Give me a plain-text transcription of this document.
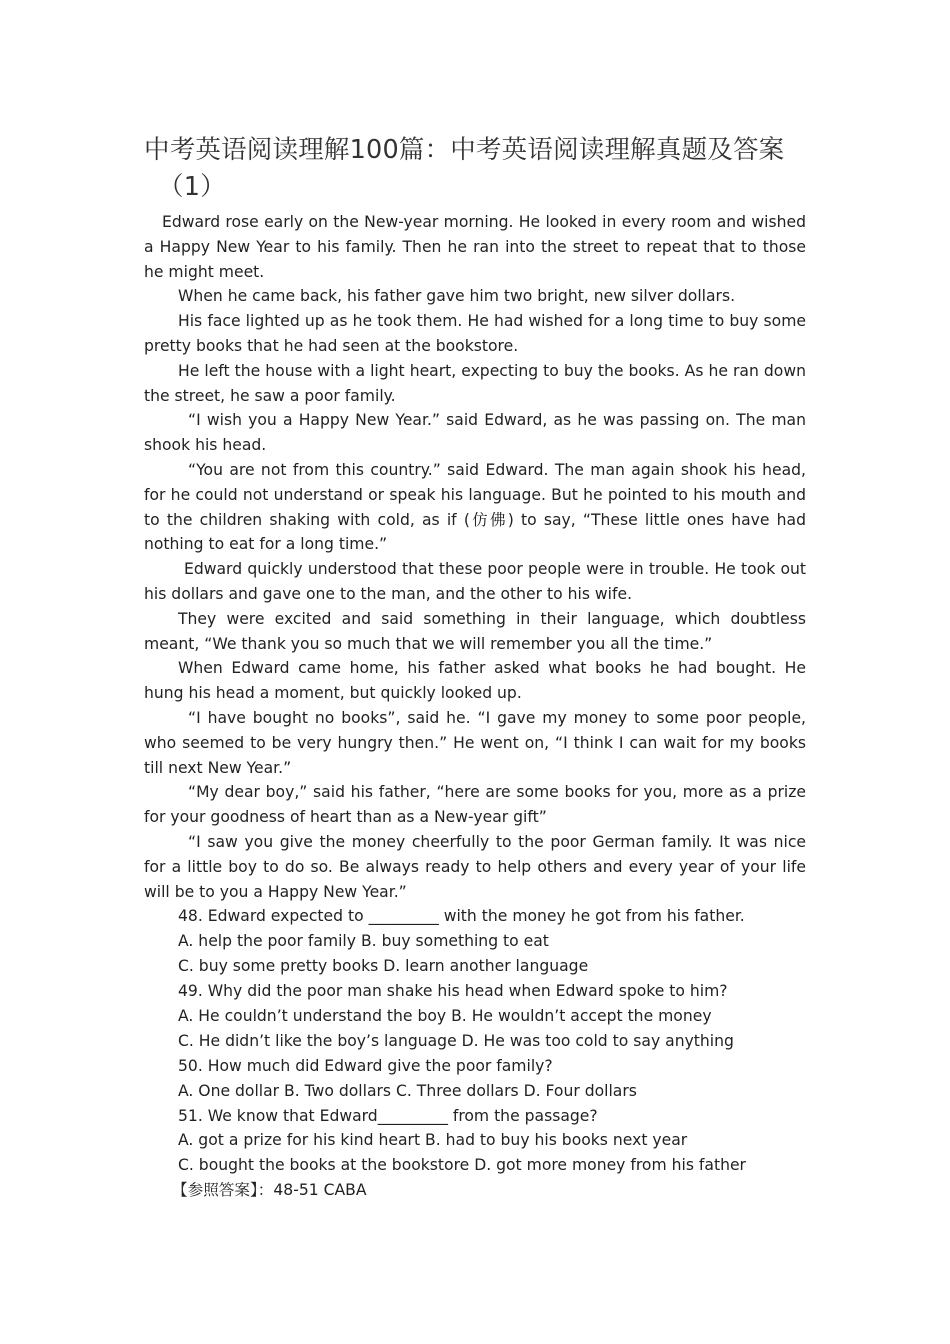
中考英语阅读理解100篇：中考英语阅读理解真题及答案
（1）

Edward rose early on the New-year morning. He looked in every room and wished a Happy New Year to his family. Then he ran into the street to repeat that to those he might meet.

When he came back, his father gave him two bright, new silver dollars.

His face lighted up as he took them. He had wished for a long time to buy some pretty books that he had seen at the bookstore.

He left the house with a light heart, expecting to buy the books. As he ran down the street, he saw a poor family.

“I wish you a Happy New Year.” said Edward, as he was passing on. The man shook his head.

“You are not from this country.” said Edward. The man again shook his head, for he could not understand or speak his language. But he pointed to his mouth and to the children shaking with cold, as if (仿佛) to say, “These little ones have had nothing to eat for a long time.”

Edward quickly understood that these poor people were in trouble. He took out his dollars and gave one to the man, and the other to his wife.

They were excited and said something in their language, which doubtless meant, “We thank you so much that we will remember you all the time.”

When Edward came home, his father asked what books he had bought. He hung his head a moment, but quickly looked up.

“I have bought no books”, said he. “I gave my money to some poor people, who seemed to be very hungry then.” He went on, “I think I can wait for my books till next New Year.”

“My dear boy,” said his father, “here are some books for you, more as a prize for your goodness of heart than as a New-year gift”

“I saw you give the money cheerfully to the poor German family. It was nice for a little boy to do so. Be always ready to help others and every year of your life will be to you a Happy New Year.”

48. Edward expected to _________ with the money he got from his father.
A. help the poor family B. buy something to eat
C. buy some pretty books D. learn another language
49. Why did the poor man shake his head when Edward spoke to him?
A. He couldn’t understand the boy B. He wouldn’t accept the money
C. He didn’t like the boy’s language D. He was too cold to say anything
50. How much did Edward give the poor family?
A. One dollar B. Two dollars C. Three dollars D. Four dollars
51. We know that Edward_________ from the passage?
A. got a prize for his kind heart B. had to buy his books next year
C. bought the books at the bookstore D. got more money from his father
【参照答案】：48-51 CABA
